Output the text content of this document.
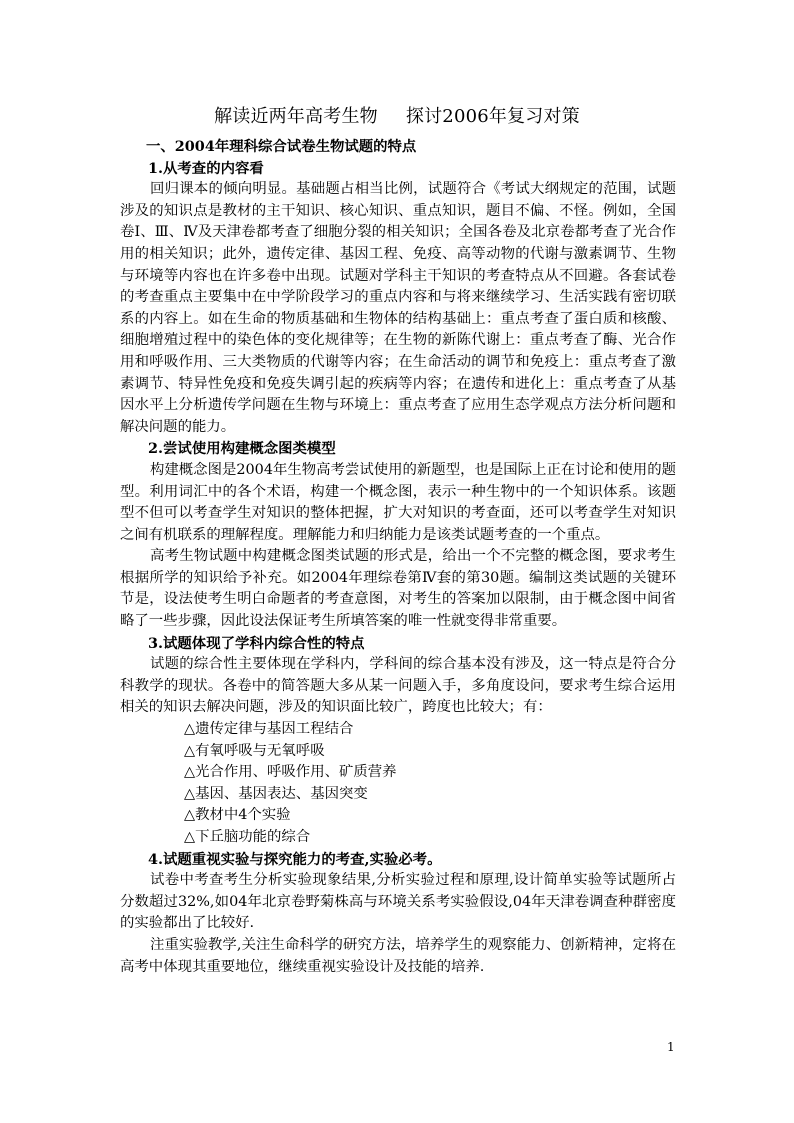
解读近两年高考生物 探讨2006年复习对策

一、2004年理科综合试卷生物试题的特点

1.从考查的内容看

回归课本的倾向明显。基础题占相当比例，试题符合《考试大纲规定的范围，试题涉及的知识点是教材的主干知识、核心知识、重点知识，题目不偏、不怪。例如，全国卷Ⅰ、Ⅲ、Ⅳ及天津卷都考查了细胞分裂的相关知识；全国各卷及北京卷都考查了光合作用的相关知识；此外，遗传定律、基因工程、免疫、高等动物的代谢与激素调节、生物与环境等内容也在许多卷中出现。试题对学科主干知识的考查特点从不回避。各套试卷的考查重点主要集中在中学阶段学习的重点内容和与将来继续学习、生活实践有密切联系的内容上。如在生命的物质基础和生物体的结构基础上：重点考查了蛋白质和核酸、细胞增殖过程中的染色体的变化规律等；在生物的新陈代谢上：重点考查了酶、光合作用和呼吸作用、三大类物质的代谢等内容；在生命活动的调节和免疫上：重点考查了激素调节、特异性免疫和免疫失调引起的疾病等内容；在遗传和进化上：重点考查了从基因水平上分析遗传学问题在生物与环境上：重点考查了应用生态学观点方法分析问题和解决问题的能力。

2.尝试使用构建概念图类模型

构建概念图是2004年生物高考尝试使用的新题型，也是国际上正在讨论和使用的题型。利用词汇中的各个术语，构建一个概念图，表示一种生物中的一个知识体系。该题型不但可以考查学生对知识的整体把握，扩大对知识的考查面，还可以考查学生对知识之间有机联系的理解程度。理解能力和归纳能力是该类试题考查的一个重点。

高考生物试题中构建概念图类试题的形式是，给出一个不完整的概念图，要求考生根据所学的知识给予补充。如2004年理综卷第Ⅳ套的第30题。编制这类试题的关键环节是，设法使考生明白命题者的考查意图，对考生的答案加以限制，由于概念图中间省略了一些步骤，因此设法保证考生所填答案的唯一性就变得非常重要。

3.试题体现了学科内综合性的特点

试题的综合性主要体现在学科内，学科间的综合基本没有涉及，这一特点是符合分科教学的现状。各卷中的简答题大多从某一问题入手，多角度设问，要求考生综合运用相关的知识去解决问题，涉及的知识面比较广，跨度也比较大；有：

△遗传定律与基因工程结合

△有氧呼吸与无氧呼吸

△光合作用、呼吸作用、矿质营养

△基因、基因表达、基因突变

△教材中4个实验

△下丘脑功能的综合

4.试题重视实验与探究能力的考查,实验必考。

试卷中考查考生分析实验现象结果,分析实验过程和原理,设计简单实验等试题所占分数超过32%,如04年北京卷野菊株高与环境关系考实验假设,04年天津卷调查种群密度的实验都出了比较好.

注重实验教学,关注生命科学的研究方法，培养学生的观察能力、创新精神，定将在高考中体现其重要地位，继续重视实验设计及技能的培养.

1
